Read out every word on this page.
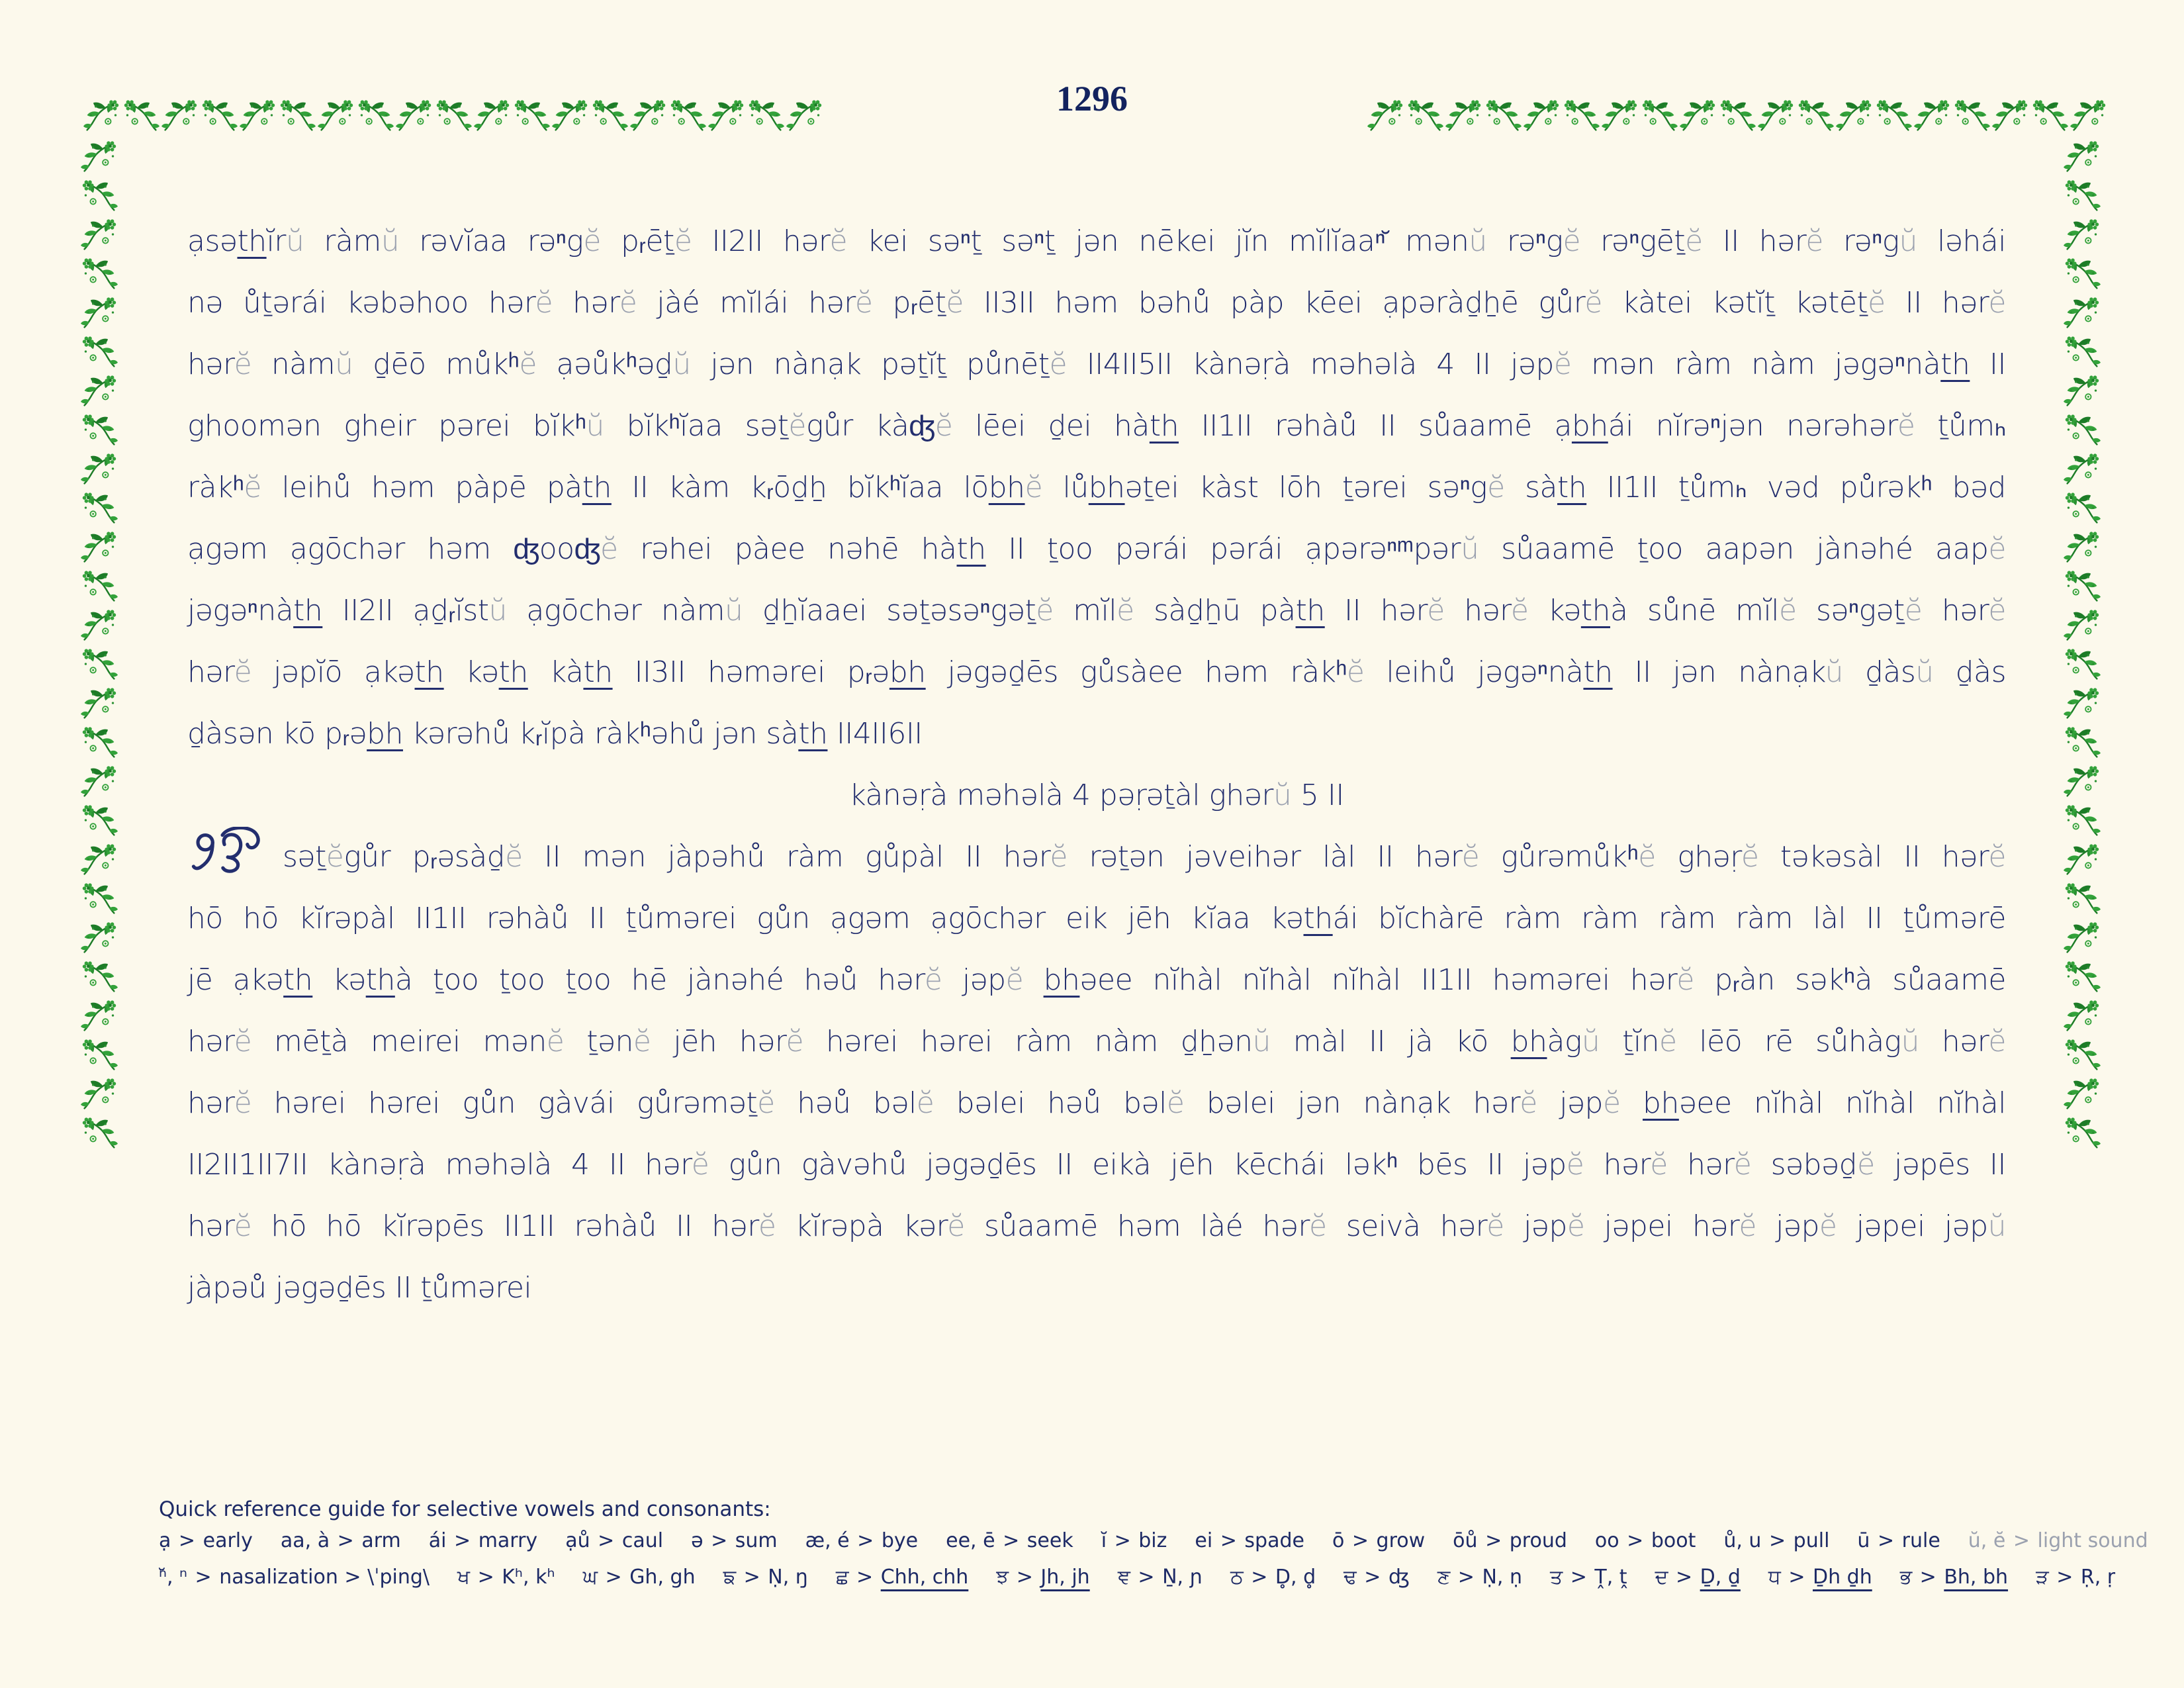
1296
ạsəthĭrŭ ràmŭ rəvĭaa rəⁿgĕ pᵣēṯĕ II2II hərĕ kei səⁿṯ səⁿṯ jən nēkei jĭn mĭlĭaaⁿ̆ mənŭ rəⁿgĕ rəⁿgēṯĕ II hərĕ rəⁿgŭ ləhái
nə ůṯərái kəbəhoo hərĕ hərĕ jàé mĭlái hərĕ pᵣēṯĕ II3II həm bəhů pàp kēei ạpəràḏẖē gůrĕ kàtei kətĭṯ kətēṯĕ II hərĕ
hərĕ nàmŭ ḏēō můkʰĕ ạəůkʰəḏŭ jən nànạk pəṯĭṯ půnēṯĕ II4II5II kànəṛà məhəlà 4 II jəpĕ mən ràm nàm jəgəⁿnàth II
ghoomən gheir pərei bĭkʰŭ bĭkʰĭaa səṯĕgůr kàʤĕ lēei ḏei hàth II1II rəhàů II sůaamē ạbhái nĭrəⁿjən nərəhərĕ ṯůmₕ
ràkʰĕ leihů həm pàpē pàth II kàm kᵣōḏẖ bĭkʰĭaa lōbhĕ lůbhəṯei kàst lōh ṯərei səⁿgĕ sàth II1II ṯůmₕ vəd půrəkʰ bəd
ạgəm ạgōchər həm ʤooʤĕ rəhei pàee nəhē hàth II ṯoo pərái pərái ạpərəⁿᵐpərŭ sůaamē ṯoo aapən jànəhé aapĕ
jəgəⁿnàth II2II ạḏᵣĭstŭ ạgōchər nàmŭ ḏẖĭaaei səṯəsəⁿgəṯĕ mĭlĕ sàḏẖū pàth II hərĕ hərĕ kəthà sůnē mĭlĕ səⁿgəṯĕ hərĕ
hərĕ jəpĭō ạkəth kəth kàth II3II həmərei pᵣəbh jəgəḏēs gůsàee həm ràkʰĕ leihů jəgəⁿnàth II jən nànạkŭ ḏàsŭ ḏàs
ḏàsən kō pᵣəbh kərəhů kᵣĭpà ràkʰəhů jən sàth II4II6II
kànəṛà məhəlà 4 pəṛəṯàl ghərŭ 5 II
səṯĕgůr pᵣəsàḏĕ II mən jàpəhů ràm gůpàl II hərĕ rəṯən jəveihər làl II hərĕ gůrəmůkʰĕ ghəṛĕ təkəsàl II hərĕ
hō hō kĭrəpàl II1II rəhàů II ṯůmərei gůn ạgəm ạgōchər eik jēh kĭaa kəthái bĭchàrē ràm ràm ràm ràm làl II ṯůmərē
jē ạkəth kəthà ṯoo ṯoo ṯoo hē jànəhé həů hərĕ jəpĕ bhəee nĭhàl nĭhàl nĭhàl II1II həmərei hərĕ pᵣàn səkʰà sůaamē
hərĕ mēṯà meirei mənĕ ṯənĕ jēh hərĕ hərei hərei ràm nàm ḏẖənŭ màl II jà kō bhàgŭ ṯĭnĕ lēō rē sůhàgŭ hərĕ
hərĕ hərei hərei gůn gàvái gůrəməṯĕ həů bəlĕ bəlei həů bəlĕ bəlei jən nànạk hərĕ jəpĕ bhəee nĭhàl nĭhàl nĭhàl
II2II1II7II kànəṛà məhəlà 4 II hərĕ gůn gàvəhů jəgəḏēs II eikà jēh kēchái ləkʰ bēs II jəpĕ hərĕ hərĕ səbəḏĕ jəpēs II
hərĕ hō hō kĭrəpēs II1II rəhàů II hərĕ kĭrəpà kərĕ sůaamē həm làé hərĕ seivà hərĕ jəpĕ jəpei hərĕ jəpĕ jəpei jəpŭ
jàpəů jəgəḏēs II ṯůmərei
Quick reference guide for selective vowels and consonants:
ạ > early aa, à > arm ái > marry ạů > caul ə > sum æ, é > bye ee, ē > seek ĭ > biz ei > spade ō > grow ōů > proud oo > boot ů, u > pull ū > rule ŭ, ĕ > light sound
ⁿ̆, ⁿ > nasalization > \ˈping\ ਖ > Kʰ, kʰ ਘ > Gh, gh ਙ > Ṇ, ŋ ਛ > Chh, chh ਝ > Jh, jh ਞ > Ṉ, ɲ ਠ > D̥, d̥ ਢ > ʤ ਣ > Ṇ, ṇ ਤ > Ṱ, ṱ ਦ > Ḏ, ḏ ਧ > Ḏh ḏh ਭ > Bh, bh ੜ > Ṛ, ṛ
